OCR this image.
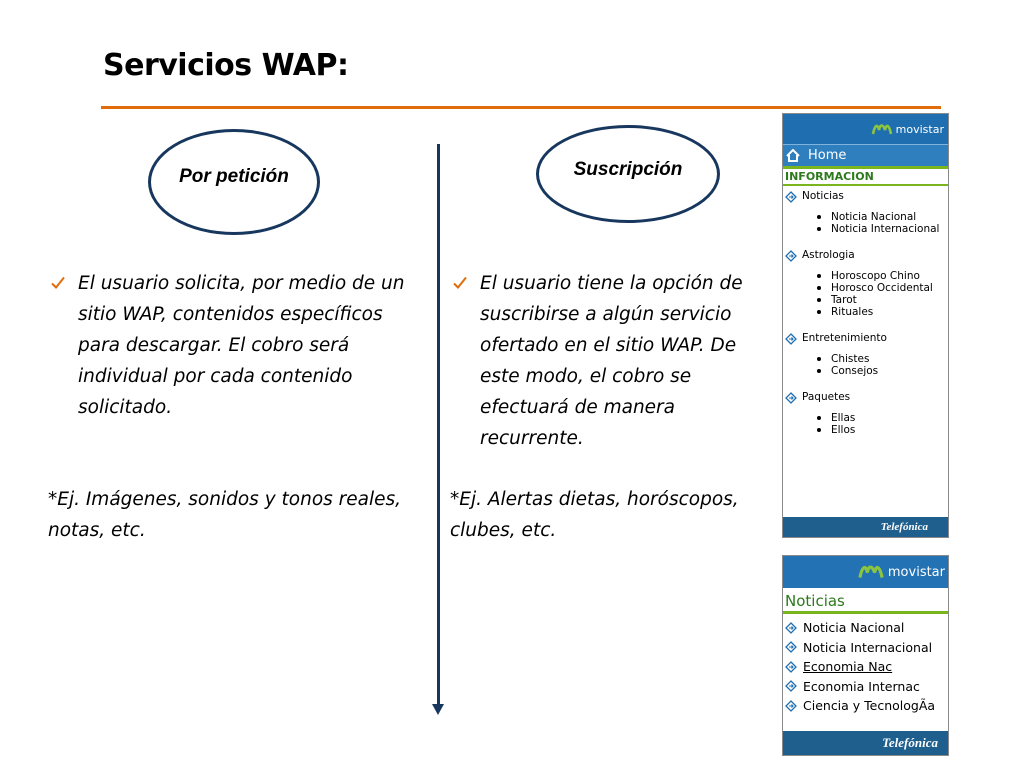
Servicios WAP:
Por petición
El usuario solicita, por medio de un sitio WAP, contenidos específicos para descargar. El cobro será individual por cada contenido solicitado.
*Ej. Imágenes, sonidos y tonos reales, notas, etc.
Suscripción
El usuario tiene la opción de suscribirse a algún servicio ofertado en el sitio WAP. De este modo, el cobro se efectuará de manera recurrente.
*Ej. Alertas dietas, horóscopos, clubes, etc.
movistar
Home
INFORMACION
Noticias
Noticia Nacional
Noticia Internacional
Astrologia
Horoscopo Chino
Horosco Occidental
Tarot
Rituales
Entretenimiento
Chistes
Consejos
Paquetes
Ellas
Ellos
Telefónica
movistar
Noticias
Noticia Nacional
Noticia Internacional
Economia Nac
Economia Internac
Ciencia y TecnologÃa
Telefónica
